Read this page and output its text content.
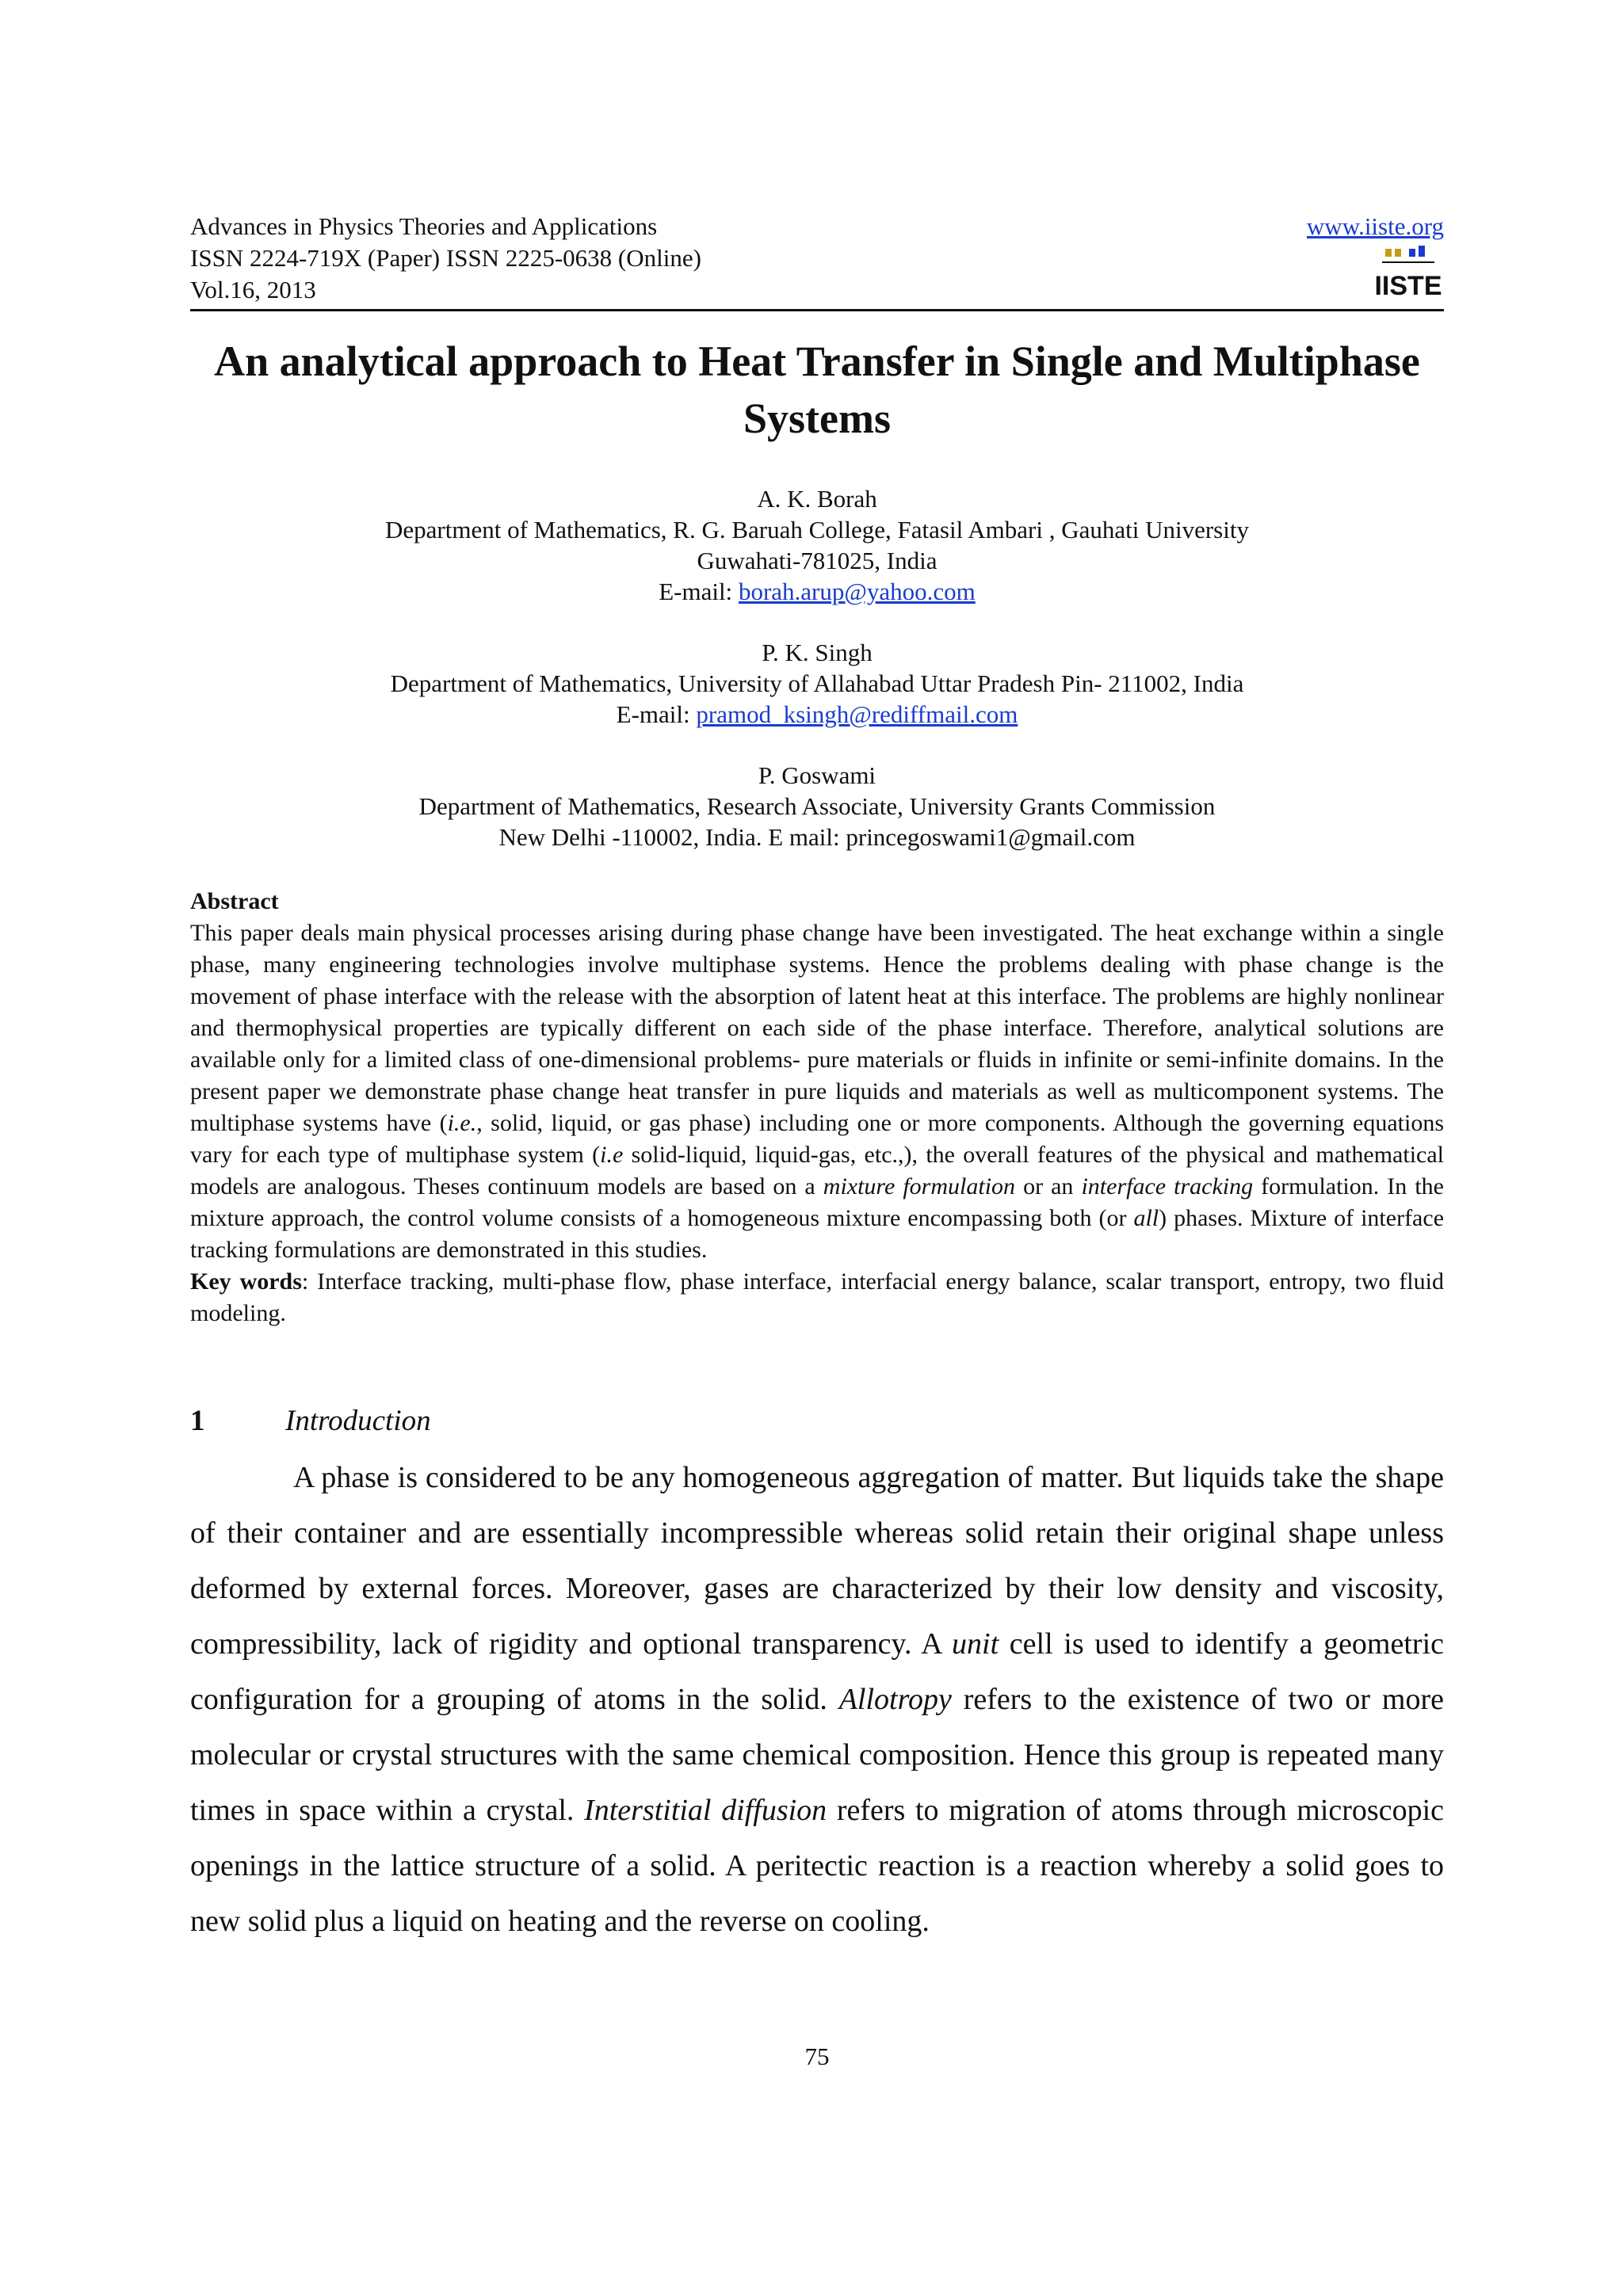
Advances in Physics Theories and Applications
ISSN 2224-719X (Paper) ISSN 2225-0638 (Online)
Vol.16, 2013
www.iiste.org
IISTE
An analytical approach to Heat Transfer in Single and Multiphase Systems
A. K. Borah
Department of Mathematics, R. G. Baruah College, Fatasil Ambari , Gauhati University
Guwahati-781025, India
E-mail: borah.arup@yahoo.com
P. K. Singh
Department of Mathematics, University of Allahabad Uttar Pradesh Pin- 211002, India
E-mail: pramod_ksingh@rediffmail.com
P. Goswami
Department of Mathematics, Research Associate, University Grants Commission
New Delhi -110002, India. E mail: princegoswami1@gmail.com
Abstract
This paper deals main physical processes arising during phase change have been investigated. The heat exchange within a single phase, many engineering technologies involve multiphase systems. Hence the problems dealing with phase change is the movement of phase interface with the release with the absorption of latent heat at this interface. The problems are highly nonlinear and thermophysical properties are typically different on each side of the phase interface. Therefore, analytical solutions are available only for a limited class of one-dimensional problems- pure materials or fluids in infinite or semi-infinite domains. In the present paper we demonstrate phase change heat transfer in pure liquids and materials as well as multicomponent systems. The multiphase systems have (i.e., solid, liquid, or gas phase) including one or more components. Although the governing equations vary for each type of multiphase system (i.e solid-liquid, liquid-gas, etc.,), the overall features of the physical and mathematical models are analogous. Theses continuum models are based on a mixture formulation or an interface tracking formulation. In the mixture approach, the control volume consists of a homogeneous mixture encompassing both (or all) phases. Mixture of interface tracking formulations are demonstrated in this studies.
Key words: Interface tracking, multi-phase flow, phase interface, interfacial energy balance, scalar transport, entropy, two fluid modeling.
1	Introduction
A phase is considered to be any homogeneous aggregation of matter. But liquids take the shape of their container and are essentially incompressible whereas solid retain their original shape unless deformed by external forces. Moreover, gases are characterized by their low density and viscosity, compressibility, lack of rigidity and optional transparency. A unit cell is used to identify a geometric configuration for a grouping of atoms in the solid. Allotropy refers to the existence of two or more molecular or crystal structures with the same chemical composition. Hence this group is repeated many times in space within a crystal. Interstitial diffusion refers to migration of atoms through microscopic openings in the lattice structure of a solid. A peritectic reaction is a reaction whereby a solid goes to new solid plus a liquid on heating and the reverse on cooling.
75
